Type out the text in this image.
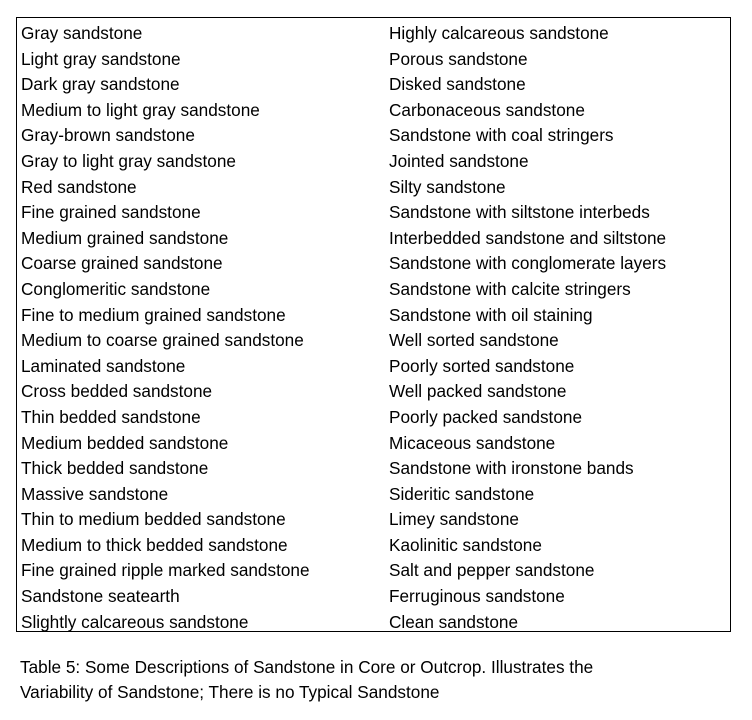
Gray sandstone
Light gray sandstone
Dark gray sandstone
Medium to light gray sandstone
Gray-brown sandstone
Gray to light gray sandstone
Red sandstone
Fine grained sandstone
Medium grained sandstone
Coarse grained sandstone
Conglomeritic sandstone
Fine to medium grained sandstone
Medium to coarse grained sandstone
Laminated sandstone
Cross bedded sandstone
Thin bedded sandstone
Medium bedded sandstone
Thick bedded sandstone
Massive sandstone
Thin to medium bedded sandstone
Medium to thick bedded sandstone
Fine grained ripple marked sandstone
Sandstone seatearth
Slightly calcareous sandstone
Highly calcareous sandstone
Porous sandstone
Disked sandstone
Carbonaceous sandstone
Sandstone with coal stringers
Jointed sandstone
Silty sandstone
Sandstone with siltstone interbeds
Interbedded sandstone and siltstone
Sandstone with conglomerate layers
Sandstone with calcite stringers
Sandstone with oil staining
Well sorted sandstone
Poorly sorted sandstone
Well packed sandstone
Poorly packed sandstone
Micaceous sandstone
Sandstone with ironstone bands
Sideritic sandstone
Limey sandstone
Kaolinitic sandstone
Salt and pepper sandstone
Ferruginous sandstone
Clean sandstone

Table 5: Some Descriptions of Sandstone in Core or Outcrop. Illustrates the
Variability of Sandstone; There is no Typical Sandstone
